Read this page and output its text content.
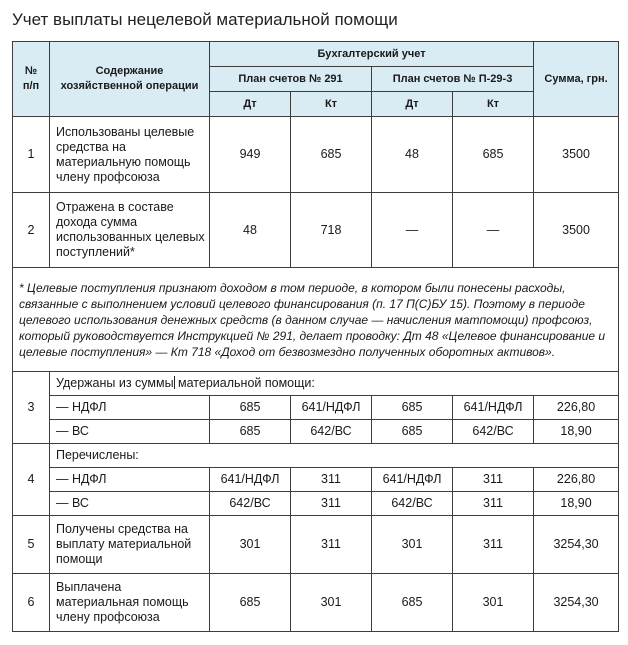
Учет выплаты нецелевой материальной помощи
№ п/п	Содержание хозяйственной операции	Бухгалтерский учет				Сумма, грн.
		План счетов № 291		План счетов № П-29-3		
		Дт	Кт	Дт	Кт	
1	Использованы целевые средства на материальную помощь члену профсоюза	949	685	48	685	3500
2	Отражена в составе дохода сумма использованных целевых поступлений*	48	718	—	—	3500
* Целевые поступления признают доходом в том периоде, в котором были понесены расходы, связанные с выполнением условий целевого финансирования (п. 17 П(С)БУ 15). Поэтому в периоде целевого использования денежных средств (в данном случае — начисления матпомощи) профсоюз, который руководствуется Инструкцией № 291, делает проводку: Дт 48 «Целевое финансирование и целевые поступления» — Кт 718 «Доход от безвозмездно полученных оборотных активов».						
3	Удержаны из суммы материальной помощи:					
	— НДФЛ	685	641/НДФЛ	685	641/НДФЛ	226,80
	— ВС	685	642/ВС	685	642/ВС	18,90
4	Перечислены:					
	— НДФЛ	641/НДФЛ	311	641/НДФЛ	311	226,80
	— ВС	642/ВС	311	642/ВС	311	18,90
5	Получены средства на выплату материальной помощи	301	311	301	311	3254,30
6	Выплачена материальная помощь члену профсоюза	685	301	685	301	3254,30
